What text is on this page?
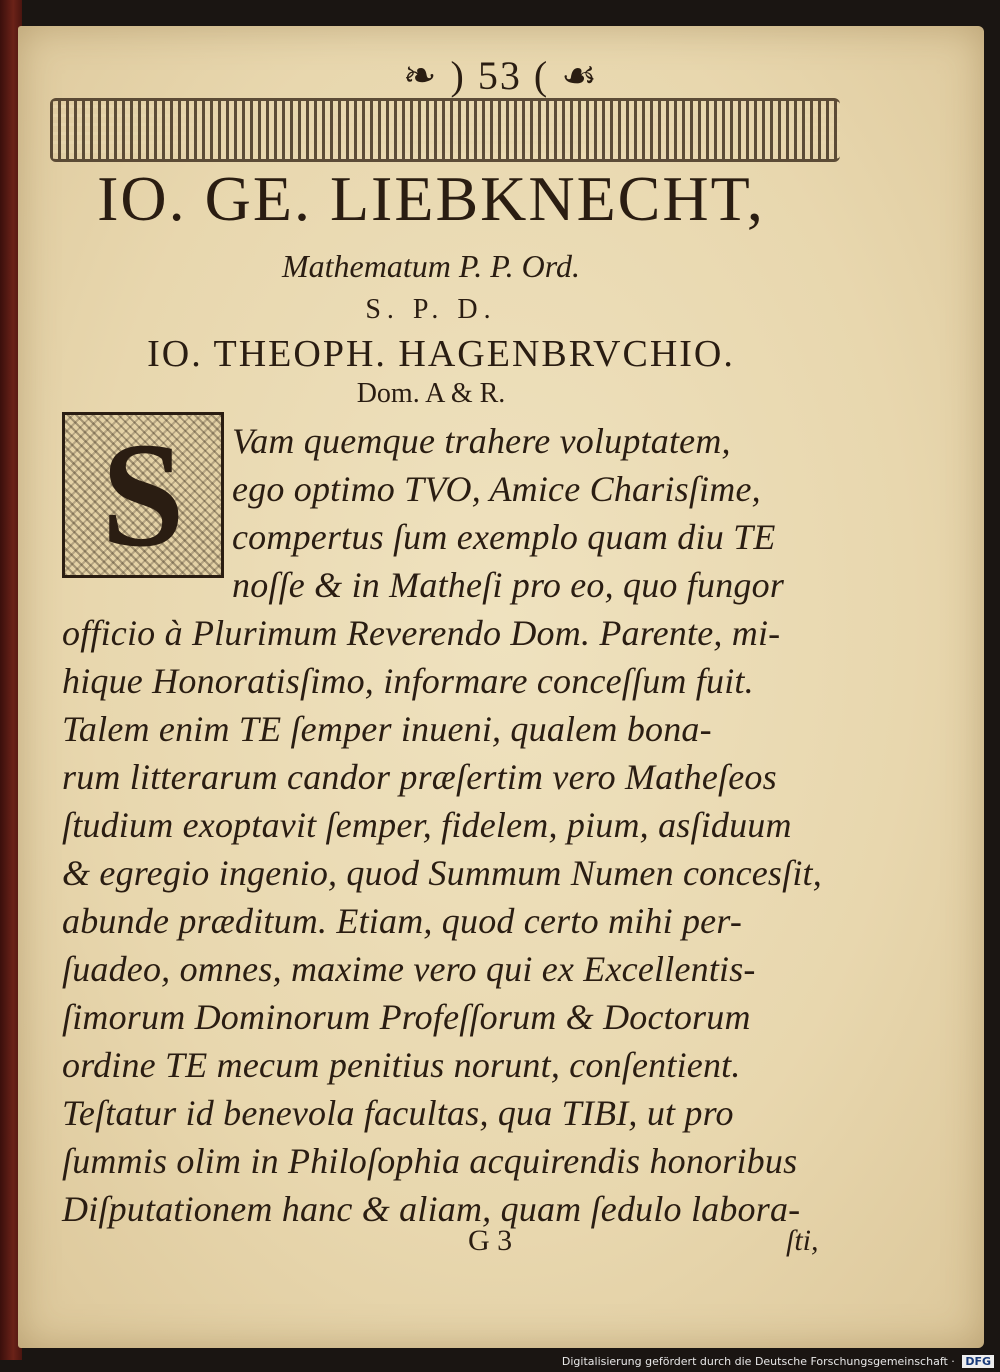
❧ ) 53 ( ☙
IO. GE. LIEBKNECHT,
Mathematum P. P. Ord.
S. P. D.
IO. THEOPH. HAGENBRVCHIO.
Dom. A & R.
S	Vam quemque trahere voluptatem,
ego optimo TVO, Amice Charisſime,
compertus ſum exemplo quam diu TE
noſſe & in Matheſi pro eo, quo fungor
officio à Plurimum Reverendo Dom. Parente, mi-
hique Honoratisſimo, informare conceſſum fuit.
Talem enim TE ſemper inueni, qualem bona-
rum litterarum candor præſertim vero Matheſeos
ſtudium exoptavit ſemper, fidelem, pium, asſiduum
& egregio ingenio, quod Summum Numen concesſit,
abunde præditum. Etiam, quod certo mihi per-
ſuadeo, omnes, maxime vero qui ex Excellentis-
ſimorum Dominorum Profeſſorum & Doctorum
ordine TE mecum penitius norunt, conſentient.
Teſtatur id benevola facultas, qua TIBI, ut pro
ſummis olim in Philoſophia acquirendis honoribus
Diſputationem hanc & aliam, quam ſedulo labora-
G 3	ſti,
Digitalisierung gefördert durch die Deutsche Forschungsgemeinschaft · DFG
